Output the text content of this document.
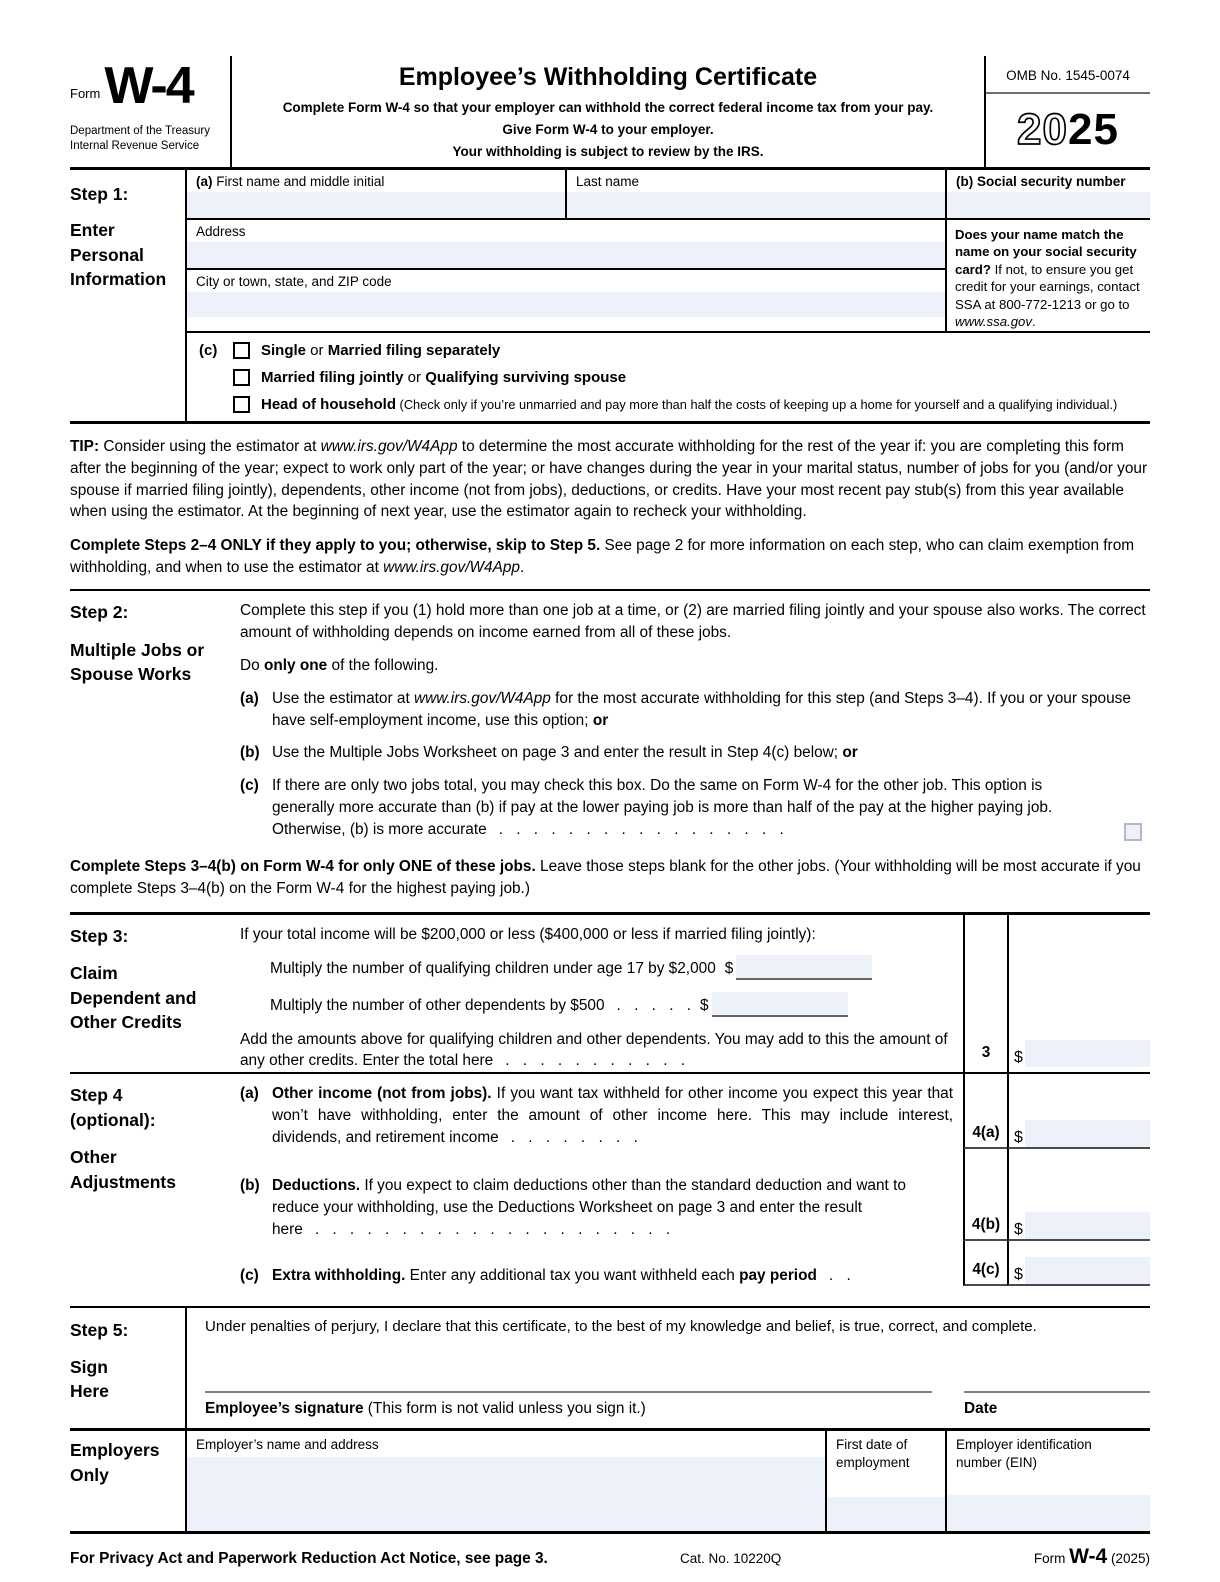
Form W-4
Department of the Treasury
Internal Revenue Service
Employee’s Withholding Certificate
Complete Form W-4 so that your employer can withhold the correct federal income tax from your pay.
Give Form W-4 to your employer.
Your withholding is subject to review by the IRS.
OMB No. 1545-0074
20 25
Step 1:
Enter Personal Information
(a) First name and middle initial	Last name
Address
City or town, state, and ZIP code
(b) Social security number
Does your name match the name on your social security card? If not, to ensure you get credit for your earnings, contact SSA at 800-772-1213 or go to www.ssa.gov.
(c)	Single or Married filing separately
Married filing jointly or Qualifying surviving spouse
Head of household (Check only if you’re unmarried and pay more than half the costs of keeping up a home for yourself and a qualifying individual.)
TIP: Consider using the estimator at www.irs.gov/W4App to determine the most accurate withholding for the rest of the year if: you are completing this form after the beginning of the year; expect to work only part of the year; or have changes during the year in your marital status, number of jobs for you (and/or your spouse if married filing jointly), dependents, other income (not from jobs), deductions, or credits. Have your most recent pay stub(s) from this year available when using the estimator. At the beginning of next year, use the estimator again to recheck your withholding.
Complete Steps 2–4 ONLY if they apply to you; otherwise, skip to Step 5. See page 2 for more information on each step, who can claim exemption from withholding, and when to use the estimator at www.irs.gov/W4App.
Step 2:
Multiple Jobs or Spouse Works
Complete this step if you (1) hold more than one job at a time, or (2) are married filing jointly and your spouse also works. The correct amount of withholding depends on income earned from all of these jobs.
Do only one of the following.
(a) Use the estimator at www.irs.gov/W4App for the most accurate withholding for this step (and Steps 3–4). If you or your spouse have self-employment income, use this option; or
(b) Use the Multiple Jobs Worksheet on page 3 and enter the result in Step 4(c) below; or
(c) If there are only two jobs total, you may check this box. Do the same on Form W-4 for the other job. This option is generally more accurate than (b) if pay at the lower paying job is more than half of the pay at the higher paying job. Otherwise, (b) is more accurate . . . . . . . . . . . . . . . . .
Complete Steps 3–4(b) on Form W-4 for only ONE of these jobs. Leave those steps blank for the other jobs. (Your withholding will be most accurate if you complete Steps 3–4(b) on the Form W-4 for the highest paying job.)
Step 3:
Claim Dependent and Other Credits
If your total income will be $200,000 or less ($400,000 or less if married filing jointly):
Multiply the number of qualifying children under age 17 by $2,000 $
Multiply the number of other dependents by $500 . . . . . $
Add the amounts above for qualifying children and other dependents. You may add to this the amount of any other credits. Enter the total here . . . . . . . . . . .	3	$
Step 4
(optional):
Other Adjustments
(a) Other income (not from jobs). If you want tax withheld for other income you expect this year that won’t have withholding, enter the amount of other income here. This may include interest, dividends, and retirement income . . . . . . . .	4(a) $
(b) Deductions. If you expect to claim deductions other than the standard deduction and want to reduce your withholding, use the Deductions Worksheet on page 3 and enter the result here . . . . . . . . . . . . . . . . . . . . .	4(b) $
(c) Extra withholding. Enter any additional tax you want withheld each pay period . .	4(c) $
Step 5:
Sign Here
Under penalties of perjury, I declare that this certificate, to the best of my knowledge and belief, is true, correct, and complete.
Employee’s signature (This form is not valid unless you sign it.)	Date
Employers Only
Employer’s name and address	First date of employment
Employer identification number (EIN)
For Privacy Act and Paperwork Reduction Act Notice, see page 3.	Cat. No. 10220Q	Form W-4 (2025)
